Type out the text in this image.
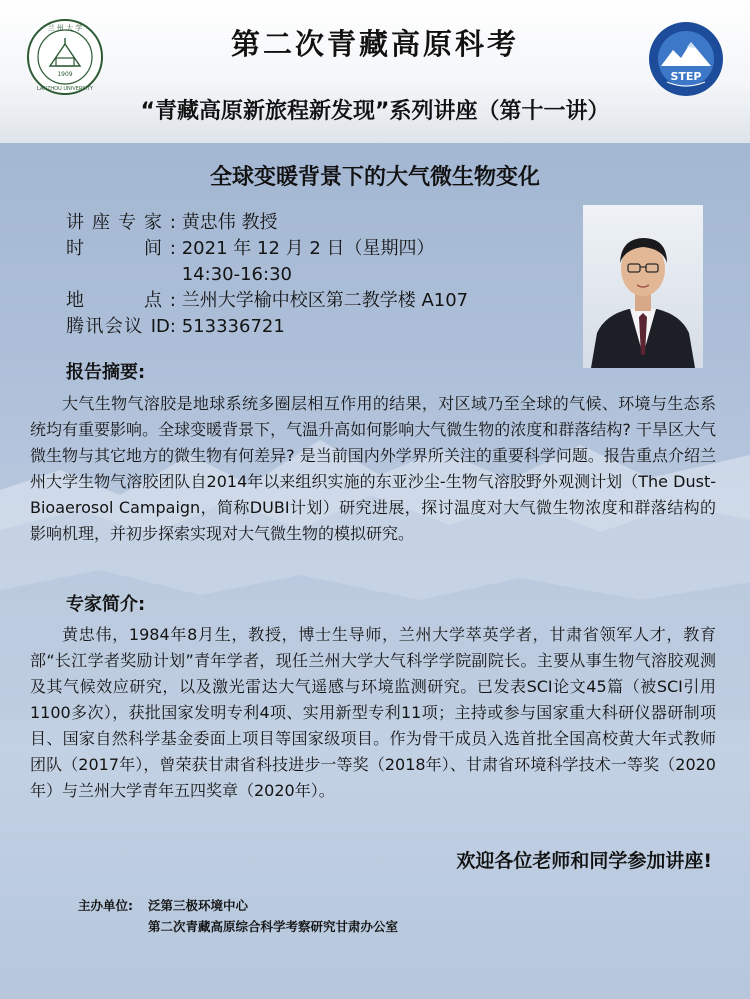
1909
兰 州 大 学
LANZHOU UNIVERSITY
第二次青藏高原科考
“青藏高原新旅程新发现”系列讲座（第十一讲）
STEP
全球变暖背景下的大气微生物变化
讲座专家: 黄忠伟 教授
时　　间: 2021 年 12 月 2 日（星期四）
14:30-16:30
地　　点: 兰州大学榆中校区第二教学楼 A107
腾讯会议 ID: 513336721
报告摘要:
大气生物气溶胶是地球系统多圈层相互作用的结果，对区域乃至全球的气候、环境与生态系统均有重要影响。全球变暖背景下，气温升高如何影响大气微生物的浓度和群落结构? 干旱区大气微生物与其它地方的微生物有何差异? 是当前国内外学界所关注的重要科学问题。报告重点介绍兰州大学生物气溶胶团队自2014年以来组织实施的东亚沙尘-生物气溶胶野外观测计划（The Dust-Bioaerosol Campaign，简称DUBI计划）研究进展，探讨温度对大气微生物浓度和群落结构的影响机理，并初步探索实现对大气微生物的模拟研究。
专家简介:
黄忠伟，1984年8月生，教授，博士生导师，兰州大学萃英学者，甘肃省领军人才，教育部“长江学者奖励计划”青年学者，现任兰州大学大气科学学院副院长。主要从事生物气溶胶观测及其气候效应研究，以及激光雷达大气遥感与环境监测研究。已发表SCI论文45篇（被SCI引用1100多次），获批国家发明专利4项、实用新型专利11项；主持或参与国家重大科研仪器研制项目、国家自然科学基金委面上项目等国家级项目。作为骨干成员入选首批全国高校黄大年式教师团队（2017年），曾荣获甘肃省科技进步一等奖（2018年）、甘肃省环境科学技术一等奖（2020年）与兰州大学青年五四奖章（2020年）。
欢迎各位老师和同学参加讲座!
主办单位: 泛第三极环境中心
第二次青藏高原综合科学考察研究甘肃办公室
